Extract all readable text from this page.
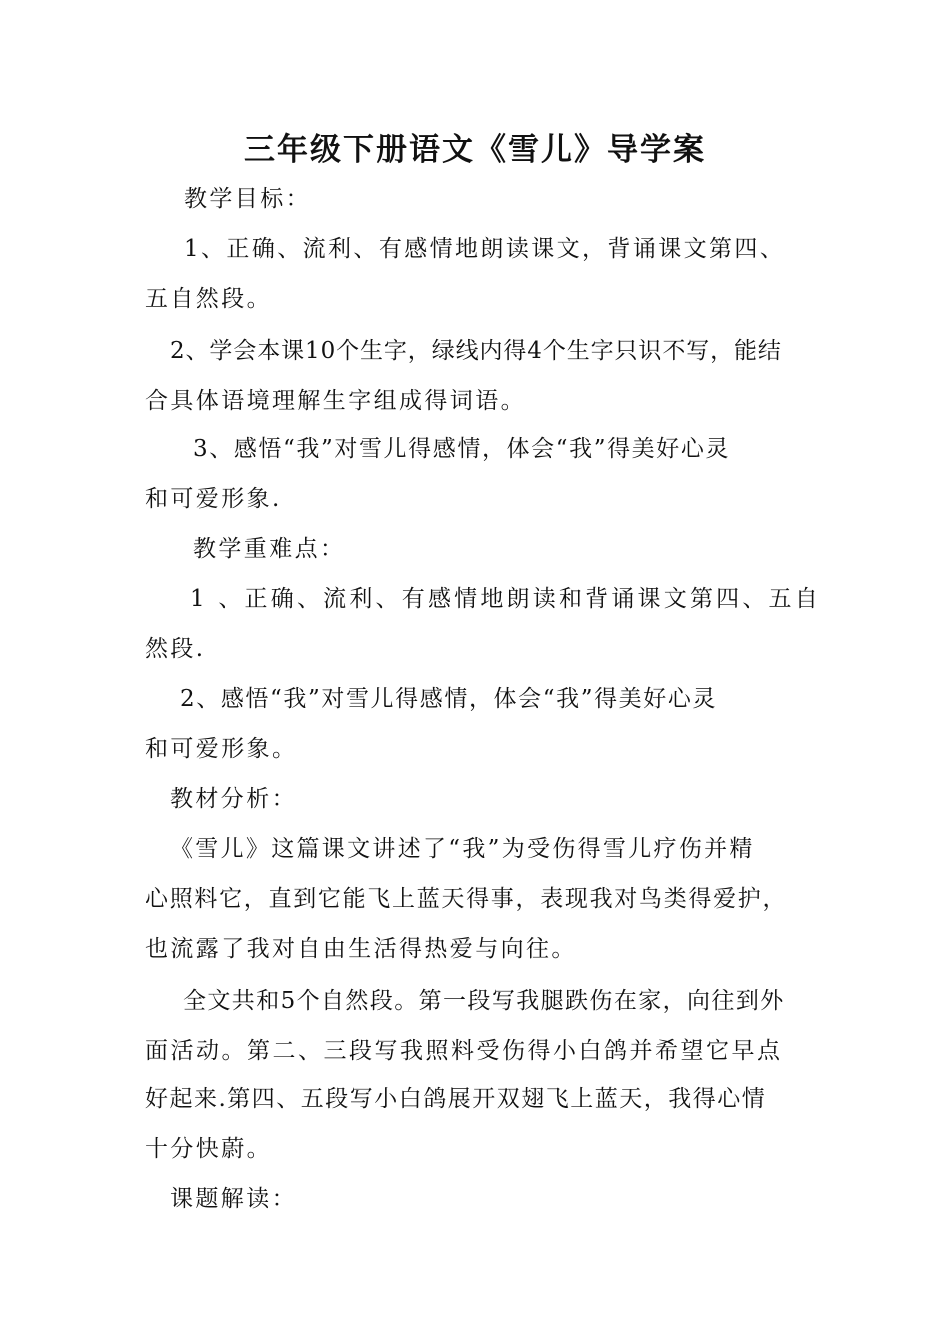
三年级下册语文《雪儿》导学案
教学目标：
1、正确、流利、有感情地朗读课文，背诵课文第四、
五自然段。
2、学会本课10个生字，绿线内得4个生字只识不写，能结
合具体语境理解生字组成得词语。
3、感悟“我”对雪儿得感情，体会“我”得美好心灵
和可爱形象.
教学重难点：
1 、正确、流利、有感情地朗读和背诵课文第四、五自
然段.
2、感悟“我”对雪儿得感情，体会“我”得美好心灵
和可爱形象。
教材分析：
《雪儿》这篇课文讲述了“我”为受伤得雪儿疗伤并精
心照料它，直到它能飞上蓝天得事，表现我对鸟类得爱护，
也流露了我对自由生活得热爱与向往。
全文共和5个自然段。第一段写我腿跌伤在家，向往到外
面活动。第二、三段写我照料受伤得小白鸽并希望它早点
好起来.第四、五段写小白鸽展开双翅飞上蓝天，我得心情
十分快蔚。
课题解读：
